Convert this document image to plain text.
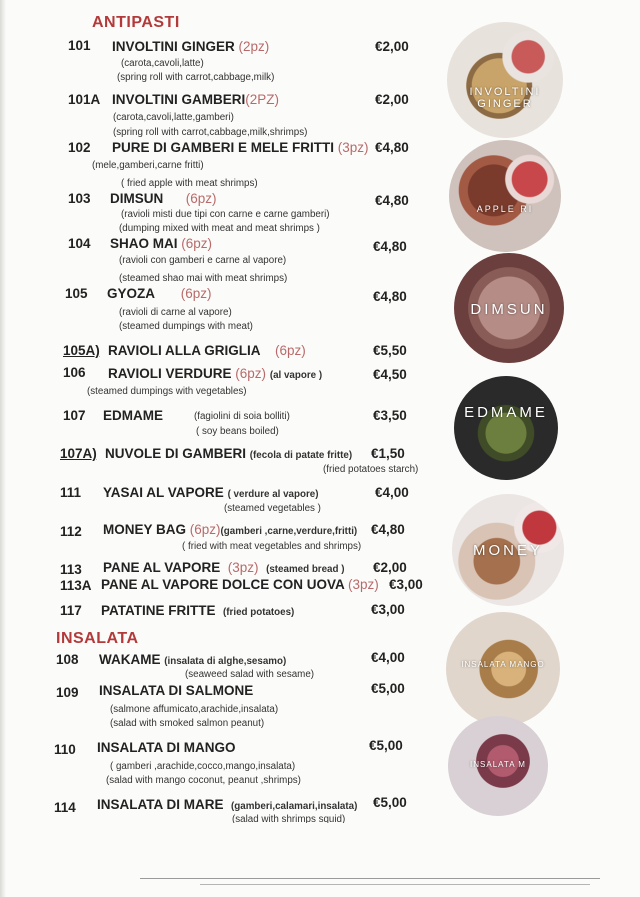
ANTIPASTI
101 INVOLTINI GINGER (2pz)	€2,00
(carota,cavoli,latte)
(spring roll with carrot,cabbage,milk)
101A INVOLTINI GAMBERI(2PZ)	€2,00
(carota,cavoli,latte,gamberi)
(spring roll with carrot,cabbage,milk,shrimps)
102 PURE DI GAMBERI E MELE FRITTI (3pz) €4,80
(mele,gamberi,carne fritti)
( fried apple with meat shrimps)
103 DIMSUN (6pz)	€4,80
(ravioli misti due tipi con carne e carne gamberi)
(dumping mixed with meat and meat shrimps )
104 SHAO MAI (6pz)	€4,80
(ravioli con gamberi e carne al vapore)
(steamed shao mai with meat shrimps)
105 GYOZA (6pz)	€4,80
(ravioli di carne al vapore)
(steamed dumpings with meat)
105A) RAVIOLI ALLA GRIGLIA (6pz)	€5,50
106 RAVIOLI VERDURE (6pz) (al vapore )	€4,50
(steamed dumpings with vegetables)
107 EDMAME	(fagiolini di soia bolliti)	€3,50
( soy beans boiled)
107A) NUVOLE DI GAMBERI (fecola di patate fritte) €1,50
(fried potatoes starch)
111 YASAI AL VAPORE ( verdure al vapore)	€4,00
(steamed vegetables )
112 MONEY BAG (6pz)(gamberi ,carne,verdure,fritti) €4,80
( fried with meat vegetables and shrimps)
113 PANE AL VAPORE (3pz) (steamed bread ) €2,00
113A PANE AL VAPORE DOLCE CON UOVA (3pz) €3,00
117 PATATINE FRITTE (fried potatoes)	€3,00
INSALATA
108 WAKAME (insalata di alghe,sesamo)	€4,00
(seaweed salad with sesame)
109 INSALATA DI SALMONE	€5,00
(salmone affumicato,arachide,insalata)
(salad with smoked salmon peanut)
110 INSALATA DI MANGO	€5,00
( gamberi ,arachide,cocco,mango,insalata)
(salad with mango coconut, peanut ,shrimps)
114 INSALATA DI MARE (gamberi,calamari,insalata) €5,00
(salad with shrimps squid)
INVOLTINI GINGER
APPLE RI
DIMSUN
EDMAME
MONEY
INSALATA MANGO
INSALATA M
